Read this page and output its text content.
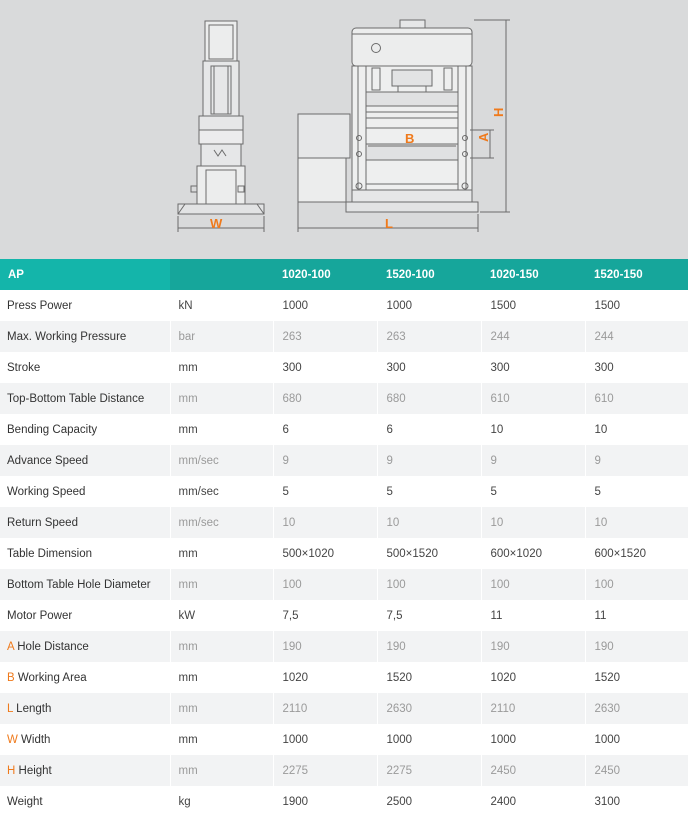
W	L
B	A
H
AP		1020-100	1520-100	1020-150	1520-150
Press Power	kN	1000	1000	1500	1500
Max. Working Pressure	bar	263	263	244	244
Stroke	mm	300	300	300	300
Top-Bottom Table Distance	mm	680	680	610	610
Bending Capacity	mm	6	6	10	10
Advance Speed	mm/sec	9	9	9	9
Working Speed	mm/sec	5	5	5	5
Return Speed	mm/sec	10	10	10	10
Table Dimension	mm	500×1020	500×1520	600×1020	600×1520
Bottom Table Hole Diameter	mm	100	100	100	100
Motor Power	kW	7,5	7,5	11	11
A Hole Distance	mm	190	190	190	190
B Working Area	mm	1020	1520	1020	1520
L Length	mm	2110	2630	2110	2630
W Width	mm	1000	1000	1000	1000
H Height	mm	2275	2275	2450	2450
Weight	kg	1900	2500	2400	3100
